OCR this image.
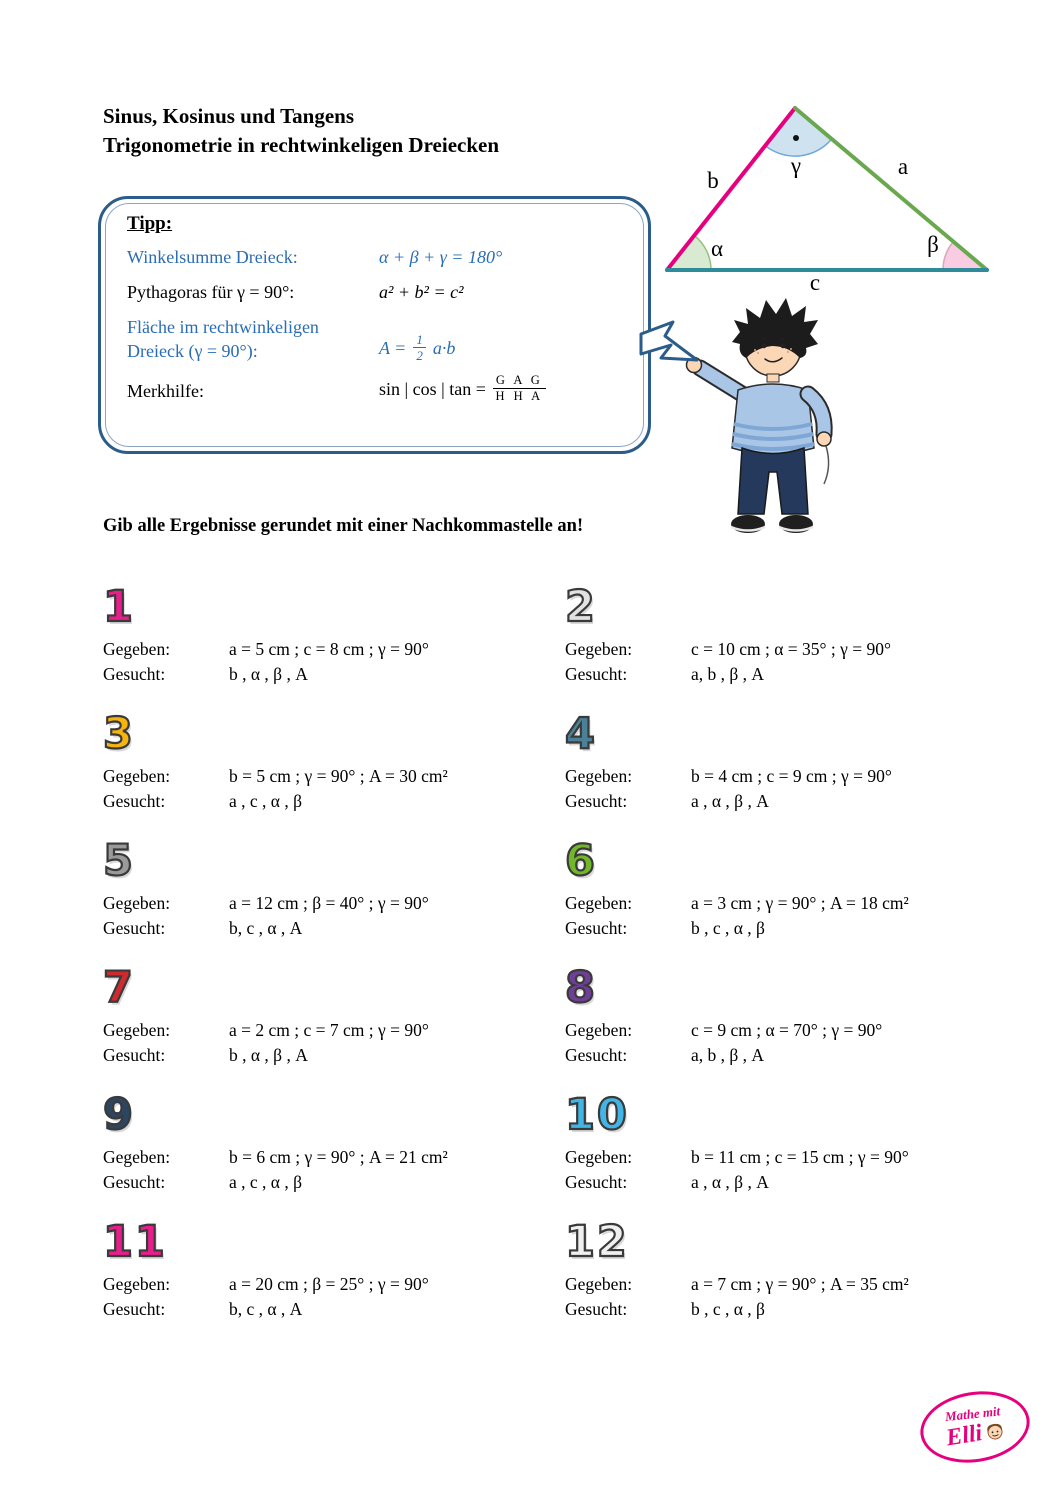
Sinus, Kosinus und Tangens
Trigonometrie in rechtwinkeligen Dreiecken
γ
b
a
c
α	β
Tipp:
Winkelsumme Dreieck:	α + β + γ = 180°
Pythagoras für γ = 90°:	a² + b² = c²
Fläche im rechtwinkeligen
Dreieck (γ = 90°):	$A = \frac{1}{2} a\cdot b$
Merkhilfe:	sin | cos | $\tan = \frac{\text{G A G}}{\text{H H A}}$
Gib alle Ergebnisse gerundet mit einer Nachkommastelle an!
1
Gegeben:	a = 5 cm ; c = 8 cm ; γ = 90°
Gesucht:	b , α , β , A
2
Gegeben:	c = 10 cm ; α = 35° ; γ = 90°
Gesucht:	a, b , β , A
3
Gegeben:	b = 5 cm ; γ = 90° ; A = 30 cm²
Gesucht:	a , c , α , β
4
Gegeben:	b = 4 cm ; c = 9 cm ; γ = 90°
Gesucht:	a , α , β , A
5
Gegeben:	a = 12 cm ; β = 40° ; γ = 90°
Gesucht:	b, c , α , A
6
Gegeben:	a = 3 cm ; γ = 90° ; A = 18 cm²
Gesucht:	b , c , α , β
7
Gegeben:	a = 2 cm ; c = 7 cm ; γ = 90°
Gesucht:	b , α , β , A
8
Gegeben:	c = 9 cm ; α = 70° ; γ = 90°
Gesucht:	a, b , β , A
9
Gegeben:	b = 6 cm ; γ = 90° ; A = 21 cm²
Gesucht:	a , c , α , β
10
Gegeben:	b = 11 cm ; c = 15 cm ; γ = 90°
Gesucht:	a , α , β , A
11
Gegeben:	a = 20 cm ; β = 25° ; γ = 90°
Gesucht:	b, c , α , A
12
Gegeben:	a = 7 cm ; γ = 90° ; A = 35 cm²
Gesucht:	b , c , α , β
Mathe mit
Elli
